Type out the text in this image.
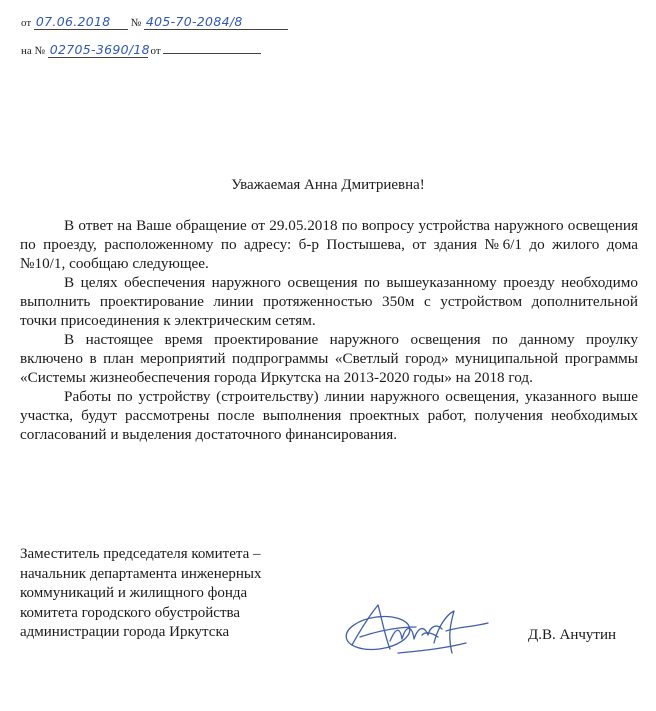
от 07.06.2018 № 405-70-2084/8
на № 02705-3690/18 от
Уважаемая Анна Дмитриевна!

В ответ на Ваше обращение от 29.05.2018 по вопросу устройства наружного освещения по проезду, расположенному по адресу: б-р Постышева, от здания №6/1 до жилого дома №10/1, сообщаю следующее.

В целях обеспечения наружного освещения по вышеуказанному проезду необходимо выполнить проектирование линии протяженностью 350м с устройством дополнительной точки присоединения к электрическим сетям.

В настоящее время проектирование наружного освещения по данному проулку включено в план мероприятий подпрограммы «Светлый город» муниципальной программы «Системы жизнеобеспечения города Иркутска на 2013-2020 годы» на 2018 год.

Работы по устройству (строительству) линии наружного освещения, указанного выше участка, будут рассмотрены после выполнения проектных работ, получения необходимых согласований и выделения достаточного финансирования.

Заместитель председателя комитета –
начальник департамента инженерных
коммуникаций и жилищного фонда
комитета городского обустройства
администрации города Иркутска	Д.В. Анчутин
